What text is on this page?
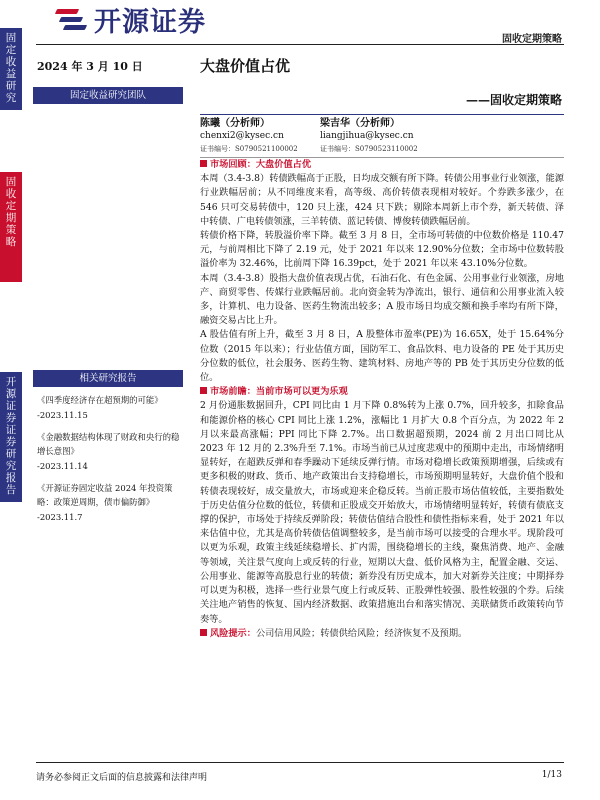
开源证券
固收定期策略
固
定
收
益
研
究
固
收
定
期
策
略
开
源
证
券
证
券
研
究
报
告
2024 年 3 月 10 日
固定收益研究团队
相关研究报告
《四季度经济存在超预期的可能》
-2023.11.15
《金融数据结构体现了财政和央行的稳增长意图》
-2023.11.14
《开源证券固定收益 2024 年投资策略：政策逆周期，债市偏防御》
-2023.11.7
大盘价值占优
——固收定期策略
陈曦（分析师）
chenxi2@kysec.cn
证书编号：S0790521100002
梁吉华（分析师）
liangjihua@kysec.cn
证书编号：S0790523110002
市场回顾：大盘价值占优
本周（3.4-3.8）转债跌幅高于正股，日均成交额有所下降。转债公用事业行业领涨，能源行业跌幅居前；从不同维度来看，高等级、高价转债表现相对较好。个券跌多涨少，在 546 只可交易转债中，120 只上涨，424 只下跌；剔除本周新上市个券，新天转债、泽中转债、广电转债领涨，三羊转债、蓝记转债、博俊转债跌幅居前。
转债价格下降，转股溢价率下降。截至 3 月 8 日，全市场可转债的中位数价格是 110.47 元，与前周相比下降了 2.19 元，处于 2021 年以来 12.90%分位数；全市场中位数转股溢价率为 32.46%，比前周下降 16.39pct，处于 2021 年以来 43.10%分位数。
本周（3.4-3.8）股指大盘价值表现占优，石油石化、有色金属、公用事业行业领涨，房地产、商贸零售、传媒行业跌幅居前。北向资金转为净流出，银行、通信和公用事业流入较多，计算机、电力设备、医药生物流出较多；A 股市场日均成交额和换手率均有所下降，融资交易占比上升。
A 股估值有所上升，截至 3 月 8 日，A 股整体市盈率(PE)为 16.65X，处于 15.64%分位数（2015 年以来）；行业估值方面，国防军工、食品饮料、电力设备的 PE 处于其历史分位数的低位，社会服务、医药生物、建筑材料、房地产等的 PB 处于其历史分位数的低位。
市场前瞻：当前市场可以更为乐观
2 月份通胀数据回升，CPI 同比由 1 月下降 0.8%转为上涨 0.7%，回升较多，扣除食品和能源价格的核心 CPI 同比上涨 1.2%，涨幅比 1 月扩大 0.8 个百分点，为 2022 年 2 月以来最高涨幅；PPI 同比下降 2.7%。出口数据超预期，2024 前 2 月出口同比从 2023 年 12 月的 2.3%升至 7.1%。市场当前已从过度悲观中的预期中走出，市场情绪明显转好，在超跌反弹和春季躁动下延续反弹行情。市场对稳增长政策预期增强，后续或有更多积极的财政、货币、地产政策出台支持稳增长，市场预期明显转好，大盘价值个股和转债表现较好，成交量放大，市场或迎来企稳反转。当前正股市场估值较低，主要指数处于历史估值分位数的低位，转债和正股成交开始放大，市场情绪明显转好，转债有债底支撑的保护，市场处于持续反弹阶段；转债估值结合股性和债性指标来看，处于 2021 年以来估值中位，尤其是高价转债估值调整较多，是当前市场可以接受的合理水平。现阶段可以更为乐观，政策主线延续稳增长、扩内需，围绕稳增长的主线，聚焦消费、地产、金融等领域，关注景气度向上或反转的行业，短期以大盘、低价风格为主，配置金融、交运、公用事业、能源等高股息行业的转债；新券没有历史成本，加大对新券关注度；中期择券可以更为积极，选择一些行业景气度上行或反转、正股弹性较强、股性较强的个券。后续关注地产销售的恢复、国内经济数据、政策措施出台和落实情况、美联储货币政策转向节奏等。
风险提示：公司信用风险；转债供给风险；经济恢复不及预期。
请务必参阅正文后面的信息披露和法律声明	1/13
